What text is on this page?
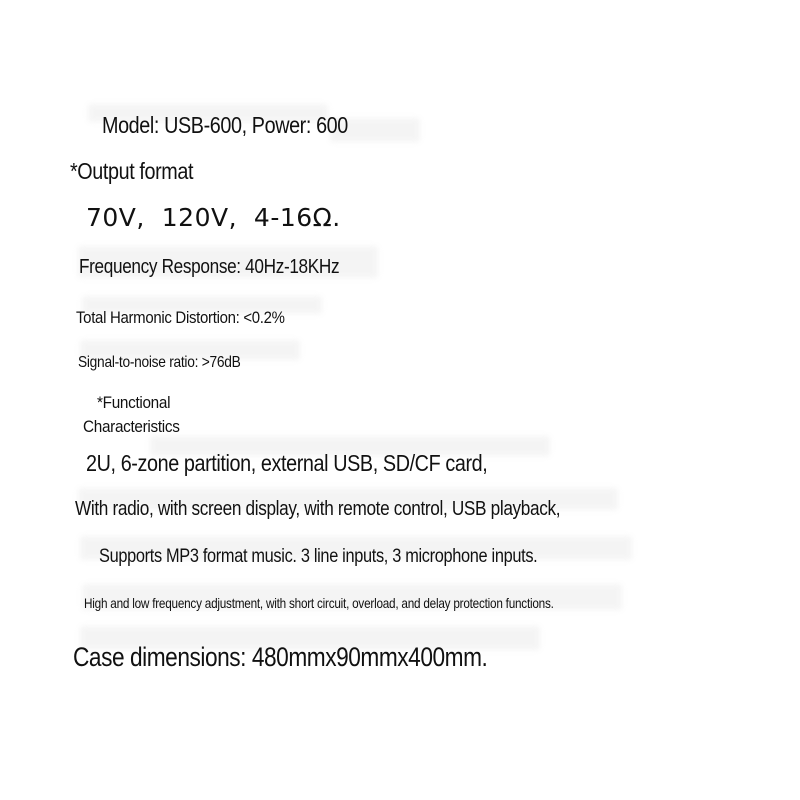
Model: USB-600, Power: 600
*Output format
70V,  120V,  4-16Ω.
Frequency Response: 40Hz-18KHz
Total Harmonic Distortion: <0.2%
Signal-to-noise ratio: >76dB
*Functional
Characteristics
2U, 6-zone partition, external USB, SD/CF card,
With radio, with screen display, with remote control, USB playback,
Supports MP3 format music. 3 line inputs, 3 microphone inputs.
High and low frequency adjustment, with short circuit, overload, and delay protection functions.
Case dimensions: 480mmx90mmx400mm.
